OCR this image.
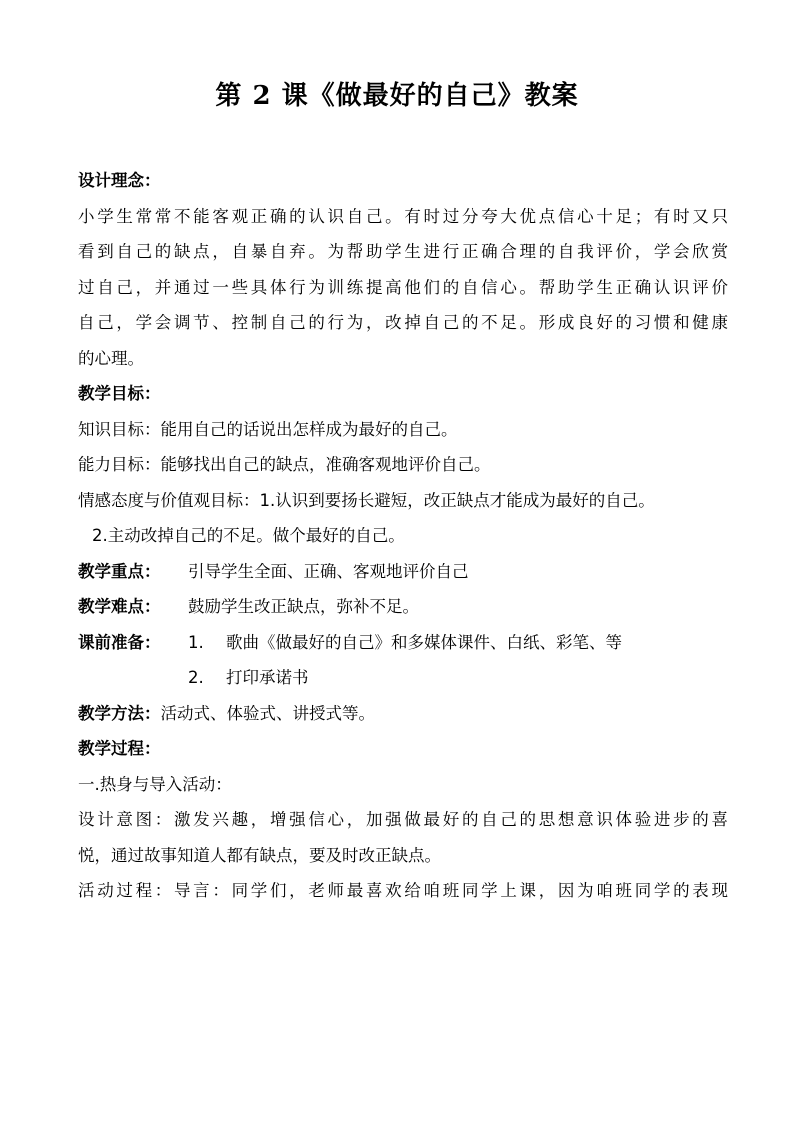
第 2 课《做最好的自己》教案
设计理念：
小学生常常不能客观正确的认识自己。有时过分夸大优点信心十足；有时又只
看到自己的缺点，自暴自弃。为帮助学生进行正确合理的自我评价，学会欣赏
过自己，并通过一些具体行为训练提高他们的自信心。帮助学生正确认识评价
自己，学会调节、控制自己的行为，改掉自己的不足。形成良好的习惯和健康
的心理。
教学目标：
知识目标：能用自己的话说出怎样成为最好的自己。
能力目标：能够找出自己的缺点，准确客观地评价自己。
情感态度与价值观目标：1.认识到要扬长避短，改正缺点才能成为最好的自己。
2.主动改掉自己的不足。做个最好的自己。
教学重点： 引导学生全面、正确、客观地评价自己
教学难点： 鼓励学生改正缺点，弥补不足。
课前准备： 1. 歌曲《做最好的自己》和多媒体课件、白纸、彩笔、等
2. 打印承诺书
教学方法：活动式、体验式、讲授式等。
教学过程：
一.热身与导入活动：
设计意图：激发兴趣，增强信心，加强做最好的自己的思想意识体验进步的喜
悦，通过故事知道人都有缺点，要及时改正缺点。
活动过程：导言：同学们，老师最喜欢给咱班同学上课，因为咱班同学的表现
